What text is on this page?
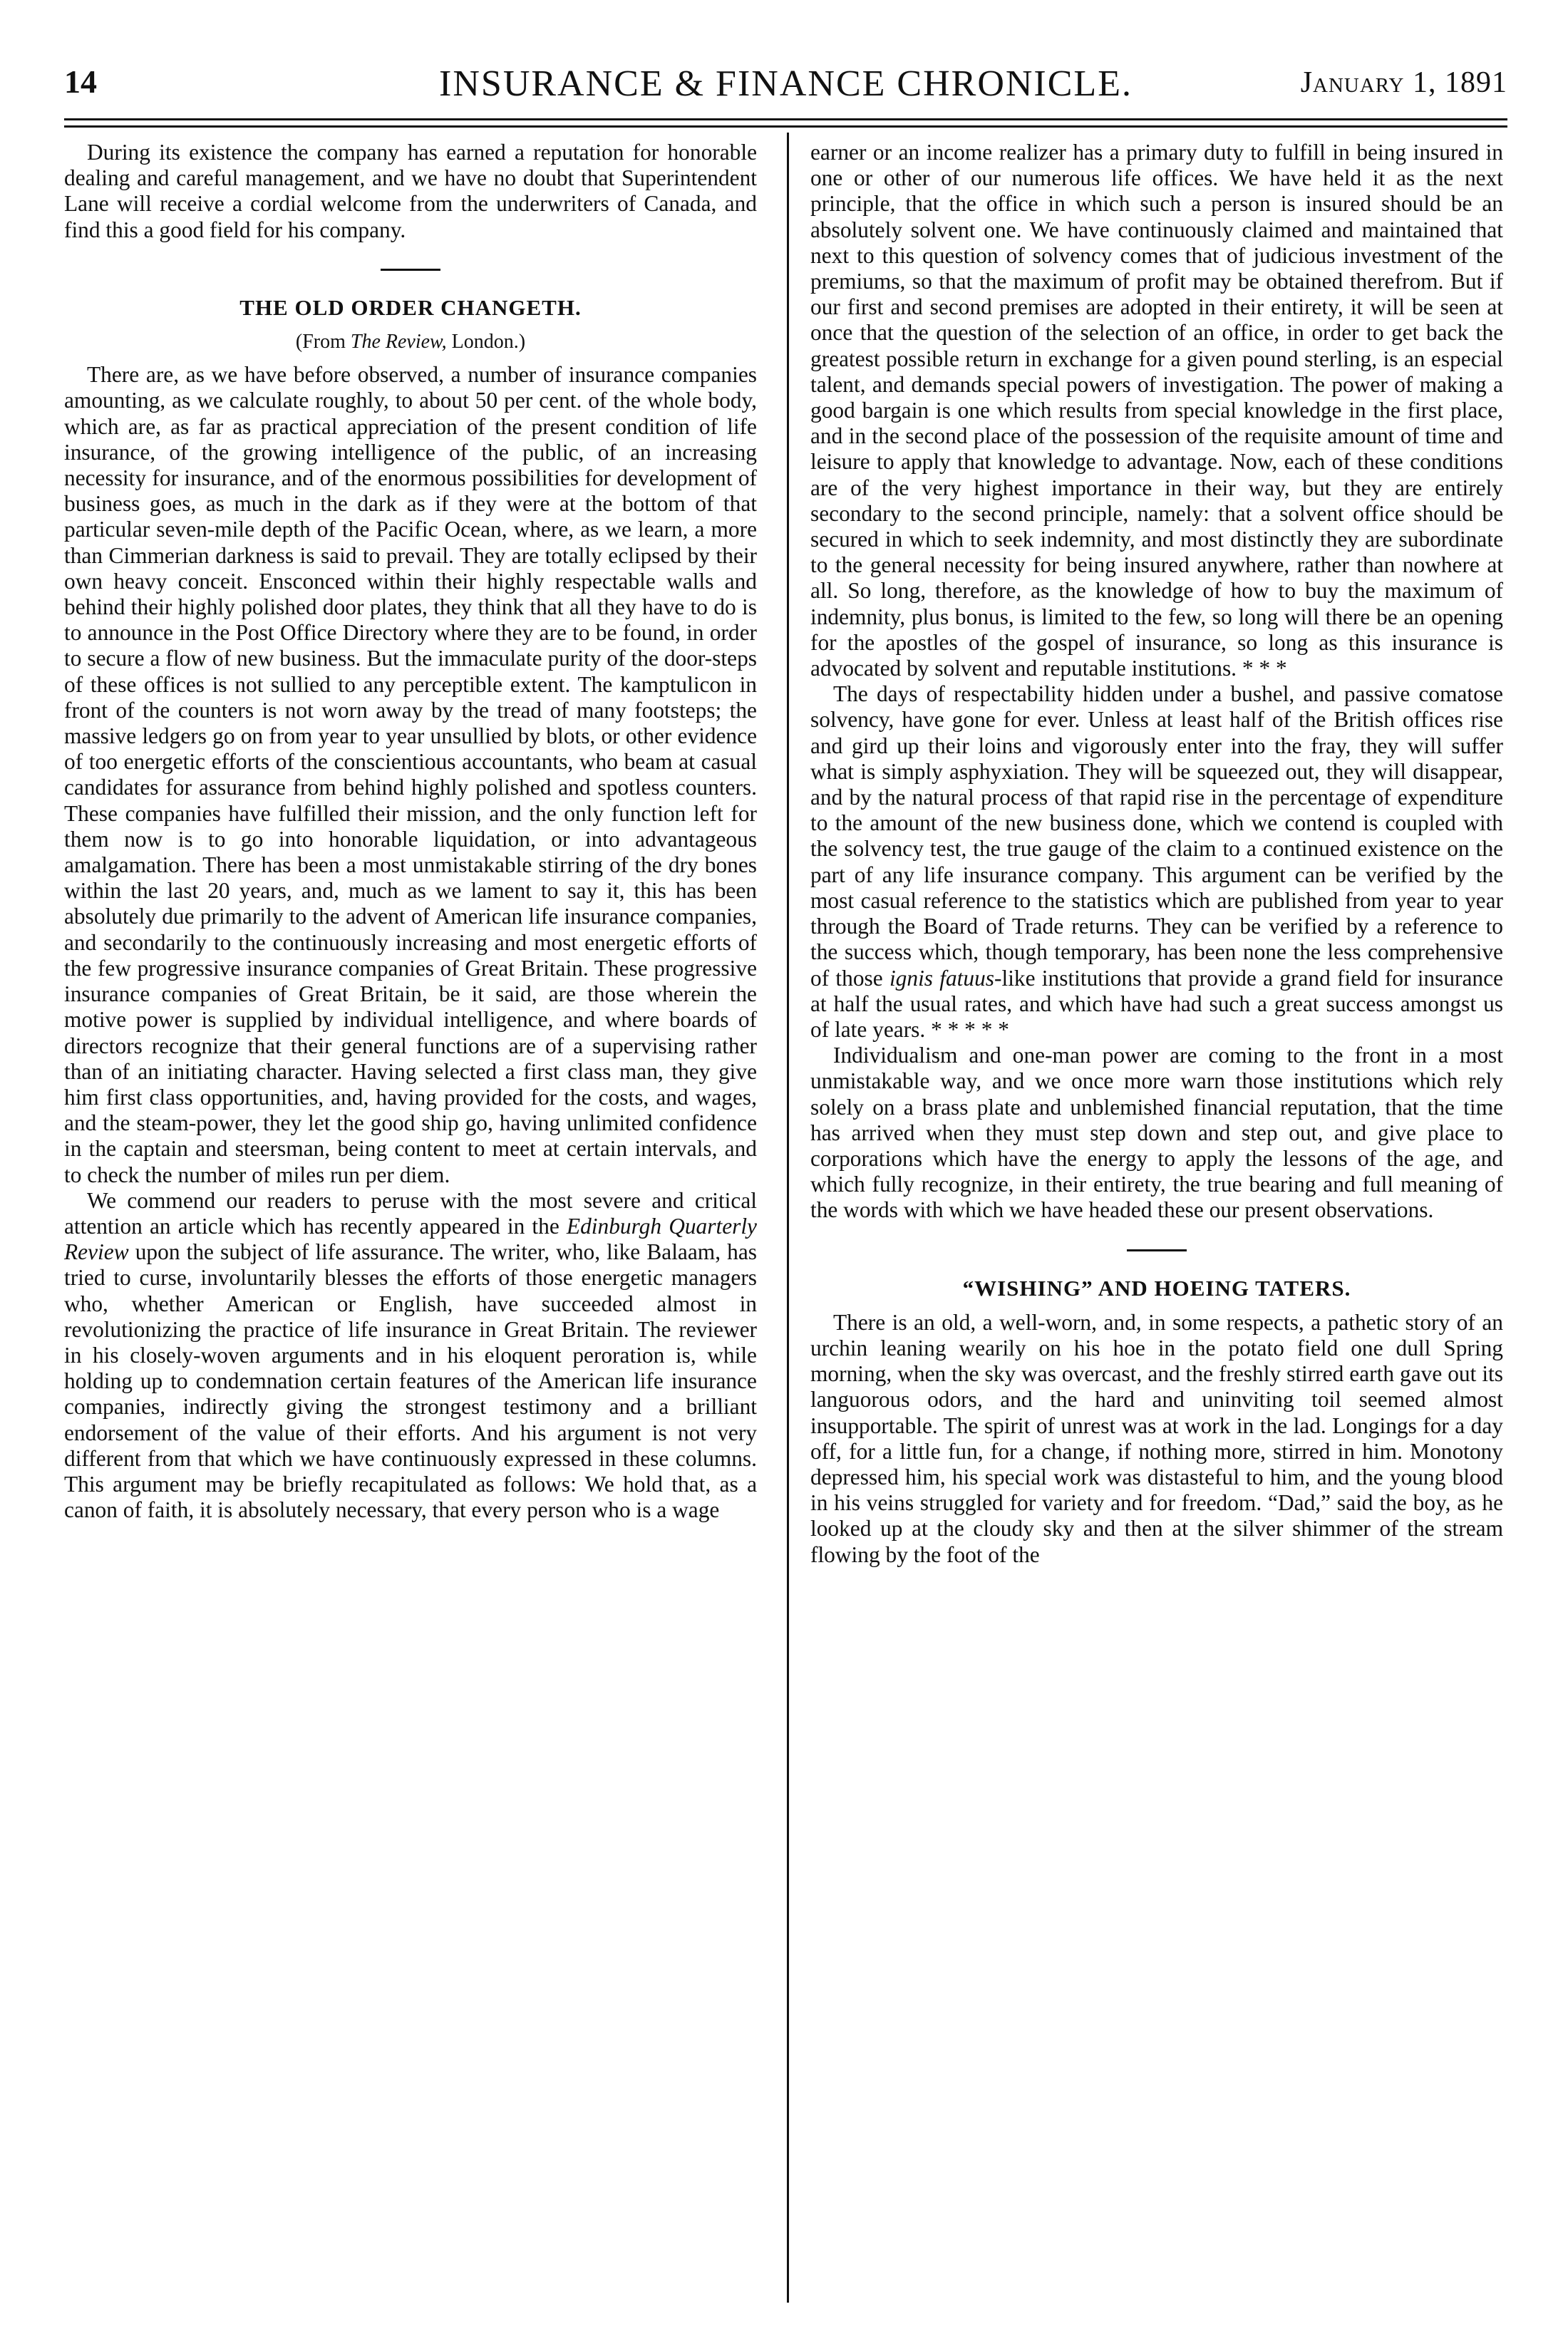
14	INSURANCE & FINANCE CHRONICLE.	January 1, 1891

During its existence the company has earned a reputation for honorable dealing and careful management, and we have no doubt that Superintendent Lane will receive a cordial welcome from the underwriters of Canada, and find this a good field for his company.

THE OLD ORDER CHANGETH.
(From The Review, London.)

There are, as we have before observed, a number of insurance companies amounting, as we calculate roughly, to about 50 per cent. of the whole body, which are, as far as practical appreciation of the present condition of life insurance, of the growing intelligence of the public, of an increasing necessity for insurance, and of the enormous possibilities for development of business goes, as much in the dark as if they were at the bottom of that particular seven-mile depth of the Pacific Ocean, where, as we learn, a more than Cimmerian darkness is said to prevail. They are totally eclipsed by their own heavy conceit. Ensconced within their highly respectable walls and behind their highly polished door plates, they think that all they have to do is to announce in the Post Office Directory where they are to be found, in order to secure a flow of new business. But the immaculate purity of the door-steps of these offices is not sullied to any perceptible extent. The kamptulicon in front of the counters is not worn away by the tread of many footsteps; the massive ledgers go on from year to year unsullied by blots, or other evidence of too energetic efforts of the conscientious accountants, who beam at casual candidates for assurance from behind highly polished and spotless counters. These companies have fulfilled their mission, and the only function left for them now is to go into honorable liquidation, or into advantageous amalgamation. There has been a most unmistakable stirring of the dry bones within the last 20 years, and, much as we lament to say it, this has been absolutely due primarily to the advent of American life insurance companies, and secondarily to the continuously increasing and most energetic efforts of the few progressive insurance companies of Great Britain. These progressive insurance companies of Great Britain, be it said, are those wherein the motive power is supplied by individual intelligence, and where boards of directors recognize that their general functions are of a supervising rather than of an initiating character. Having selected a first class man, they give him first class opportunities, and, having provided for the costs, and wages, and the steam-power, they let the good ship go, having unlimited confidence in the captain and steersman, being content to meet at certain intervals, and to check the number of miles run per diem.

We commend our readers to peruse with the most severe and critical attention an article which has recently appeared in the Edinburgh Quarterly Review upon the subject of life assurance. The writer, who, like Balaam, has tried to curse, involuntarily blesses the efforts of those energetic managers who, whether American or English, have succeeded almost in revolutionizing the practice of life insurance in Great Britain. The reviewer in his closely-woven arguments and in his eloquent peroration is, while holding up to condemnation certain features of the American life insurance companies, indirectly giving the strongest testimony and a brilliant endorsement of the value of their efforts. And his argument is not very different from that which we have continuously expressed in these columns. This argument may be briefly recapitulated as follows: We hold that, as a canon of faith, it is absolutely necessary, that every person who is a wage

earner or an income realizer has a primary duty to fulfill in being insured in one or other of our numerous life offices. We have held it as the next principle, that the office in which such a person is insured should be an absolutely solvent one. We have continuously claimed and maintained that next to this question of solvency comes that of judicious investment of the premiums, so that the maximum of profit may be obtained therefrom. But if our first and second premises are adopted in their entirety, it will be seen at once that the question of the selection of an office, in order to get back the greatest possible return in exchange for a given pound sterling, is an especial talent, and demands special powers of investigation. The power of making a good bargain is one which results from special knowledge in the first place, and in the second place of the possession of the requisite amount of time and leisure to apply that knowledge to advantage. Now, each of these conditions are of the very highest importance in their way, but they are entirely secondary to the second principle, namely: that a solvent office should be secured in which to seek indemnity, and most distinctly they are subordinate to the general necessity for being insured anywhere, rather than nowhere at all. So long, therefore, as the knowledge of how to buy the maximum of indemnity, plus bonus, is limited to the few, so long will there be an opening for the apostles of the gospel of insurance, so long as this insurance is advocated by solvent and reputable institutions. * * *

The days of respectability hidden under a bushel, and passive comatose solvency, have gone for ever. Unless at least half of the British offices rise and gird up their loins and vigorously enter into the fray, they will suffer what is simply asphyxiation. They will be squeezed out, they will disappear, and by the natural process of that rapid rise in the percentage of expenditure to the amount of the new business done, which we contend is coupled with the solvency test, the true gauge of the claim to a continued existence on the part of any life insurance company. This argument can be verified by the most casual reference to the statistics which are published from year to year through the Board of Trade returns. They can be verified by a reference to the success which, though temporary, has been none the less comprehensive of those ignis fatuus-like institutions that provide a grand field for insurance at half the usual rates, and which have had such a great success amongst us of late years. * * * * *

Individualism and one-man power are coming to the front in a most unmistakable way, and we once more warn those institutions which rely solely on a brass plate and unblemished financial reputation, that the time has arrived when they must step down and step out, and give place to corporations which have the energy to apply the lessons of the age, and which fully recognize, in their entirety, the true bearing and full meaning of the words with which we have headed these our present observations.

“WISHING” AND HOEING TATERS.

There is an old, a well-worn, and, in some respects, a pathetic story of an urchin leaning wearily on his hoe in the potato field one dull Spring morning, when the sky was overcast, and the freshly stirred earth gave out its languorous odors, and the hard and uninviting toil seemed almost insupportable. The spirit of unrest was at work in the lad. Longings for a day off, for a little fun, for a change, if nothing more, stirred in him. Monotony depressed him, his special work was distasteful to him, and the young blood in his veins struggled for variety and for freedom. “Dad,” said the boy, as he looked up at the cloudy sky and then at the silver shimmer of the stream flowing by the foot of the
